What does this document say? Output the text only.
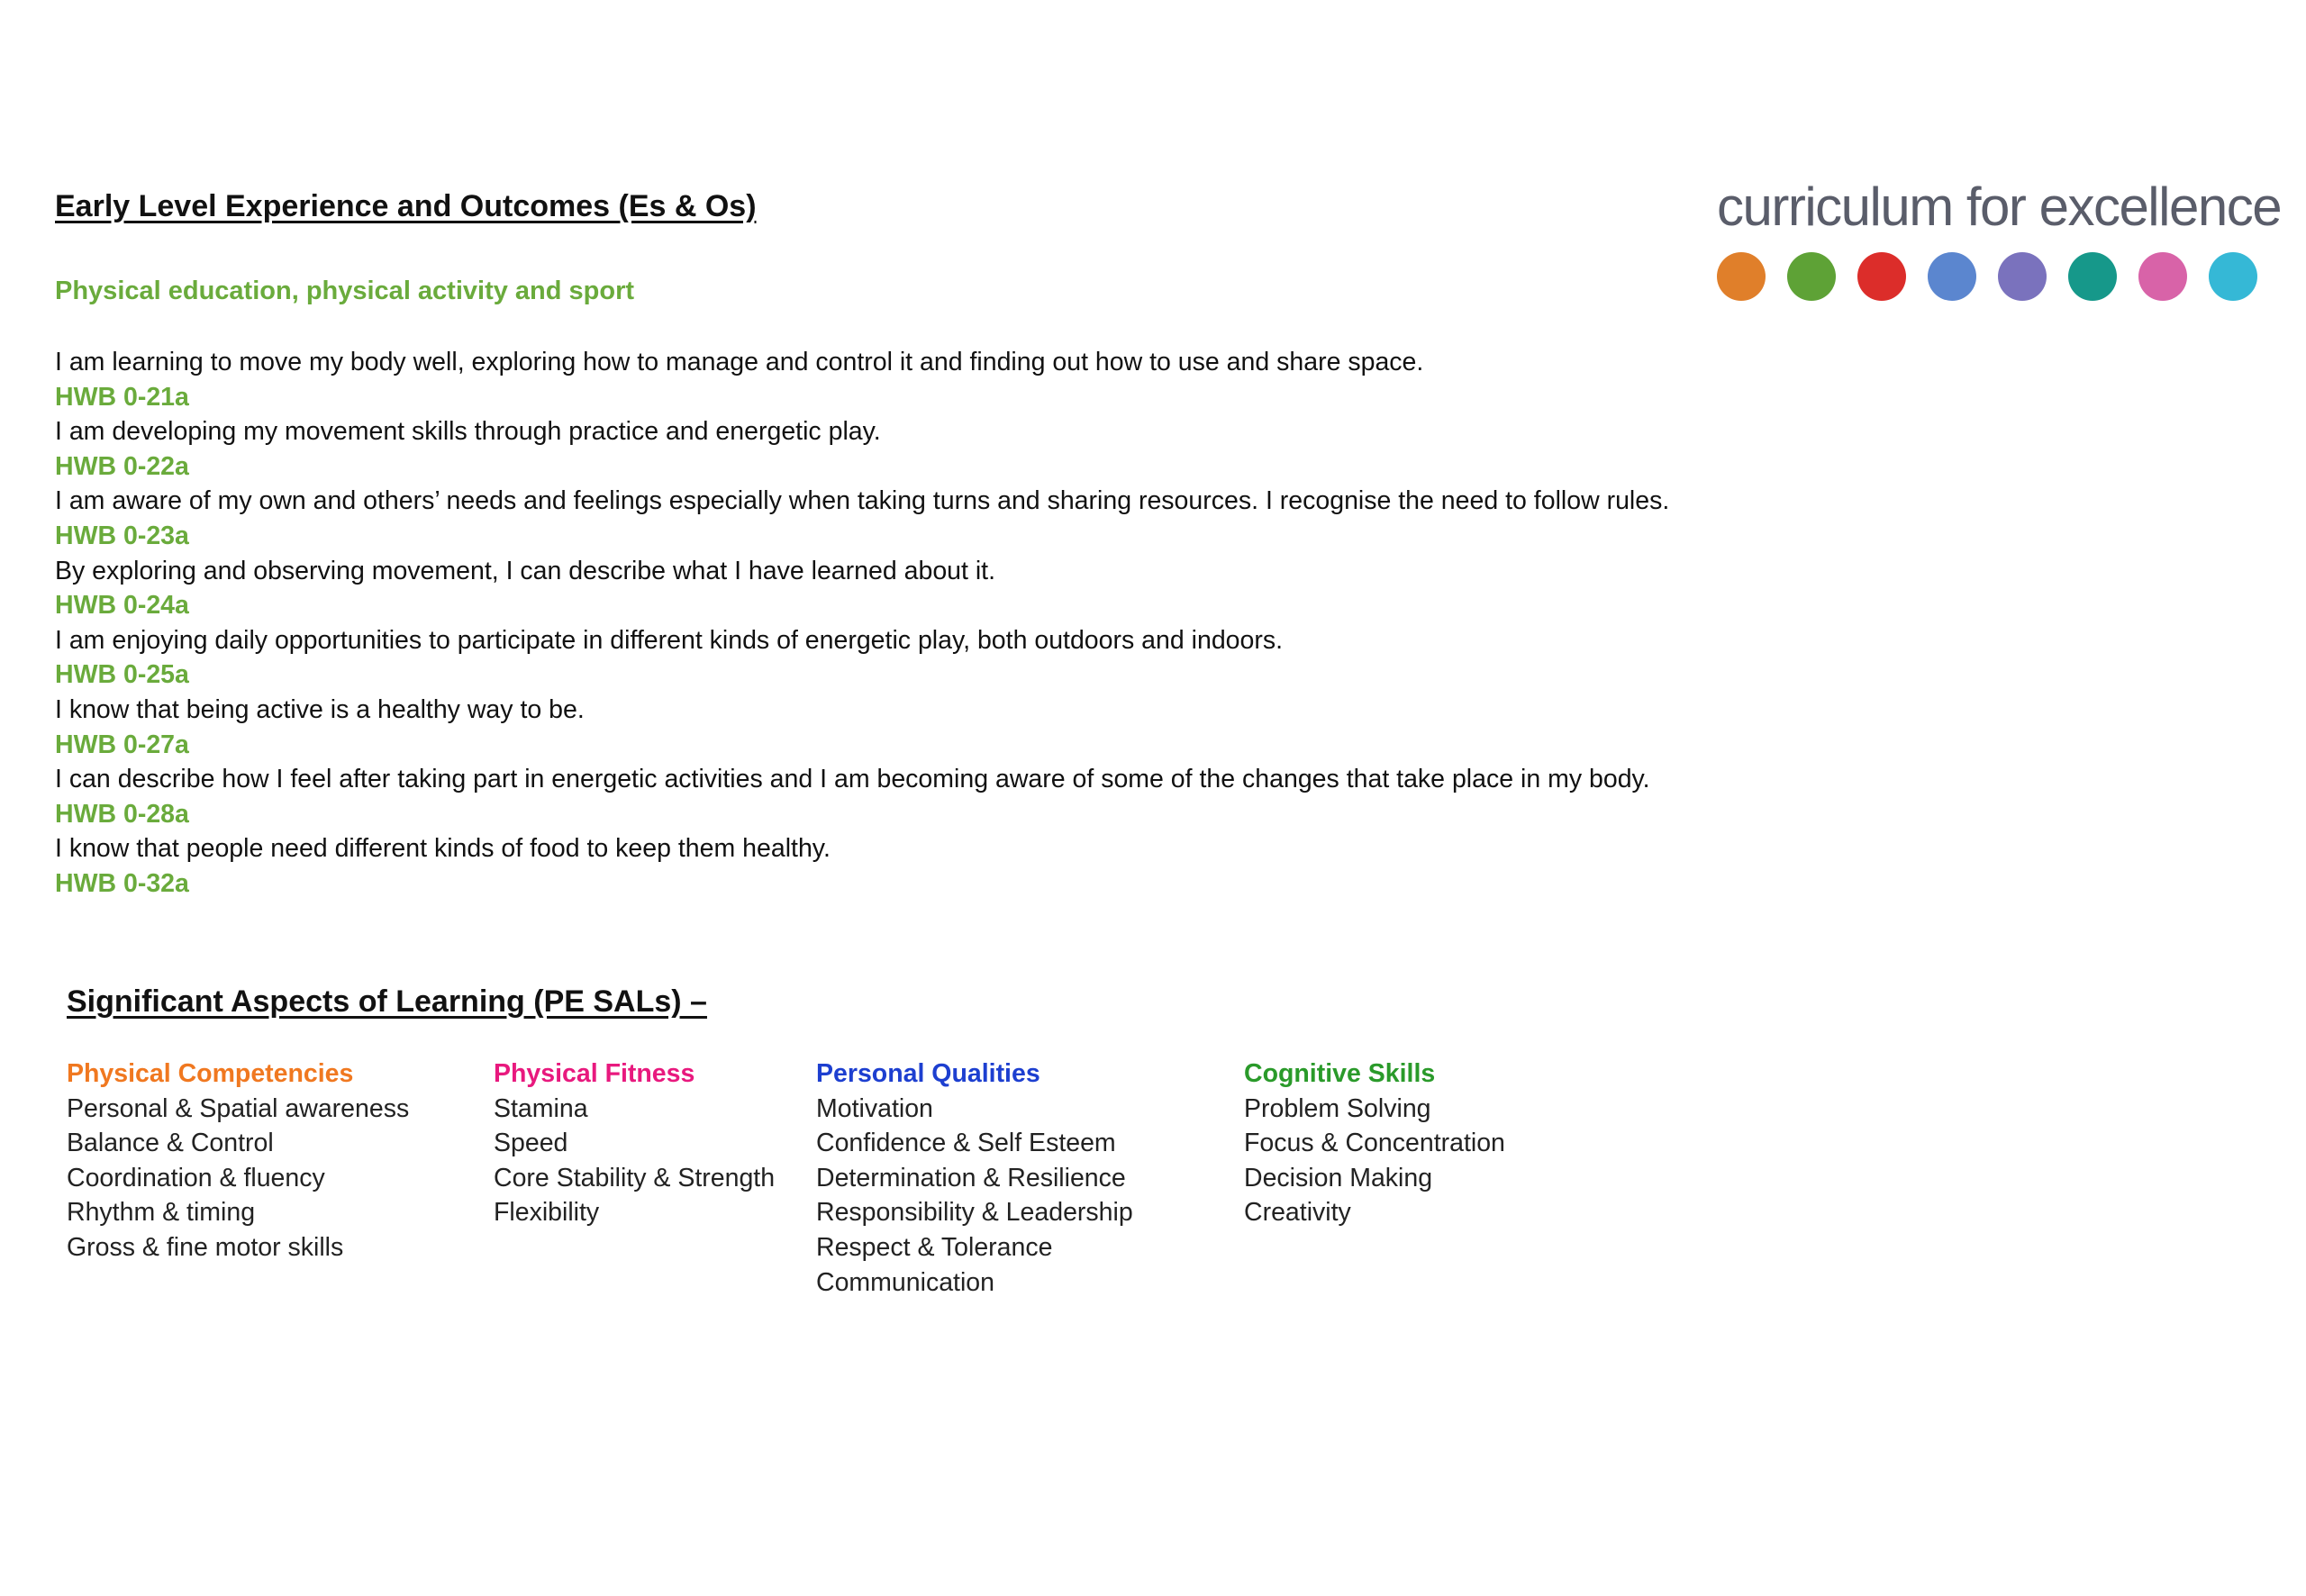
Early Level Experience and Outcomes (Es & Os)
Physical education, physical activity and sport
I am learning to move my body well, exploring how to manage and control it and finding out how to use and share space.
HWB 0-21a
I am developing my movement skills through practice and energetic play.
HWB 0-22a
I am aware of my own and others’ needs and feelings especially when taking turns and sharing resources. I recognise the need to follow rules.
HWB 0-23a
By exploring and observing movement, I can describe what I have learned about it.
HWB 0-24a
I am enjoying daily opportunities to participate in different kinds of energetic play, both outdoors and indoors.
HWB 0-25a
I know that being active is a healthy way to be.
HWB 0-27a
I can describe how I feel after taking part in energetic activities and I am becoming aware of some of the changes that take place in my body.
HWB 0-28a
I know that people need different kinds of food to keep them healthy.
HWB 0-32a
Significant Aspects of Learning (PE SALs) –
Physical Competencies
Personal & Spatial awareness
Balance & Control
Coordination & fluency
Rhythm & timing
Gross & fine motor skills
Physical Fitness
Stamina
Speed
Core Stability & Strength
Flexibility
Personal Qualities
Motivation
Confidence & Self Esteem
Determination & Resilience
Responsibility & Leadership
Respect & Tolerance
Communication
Cognitive Skills
Problem Solving
Focus & Concentration
Decision Making
Creativity
curriculum for excellence
